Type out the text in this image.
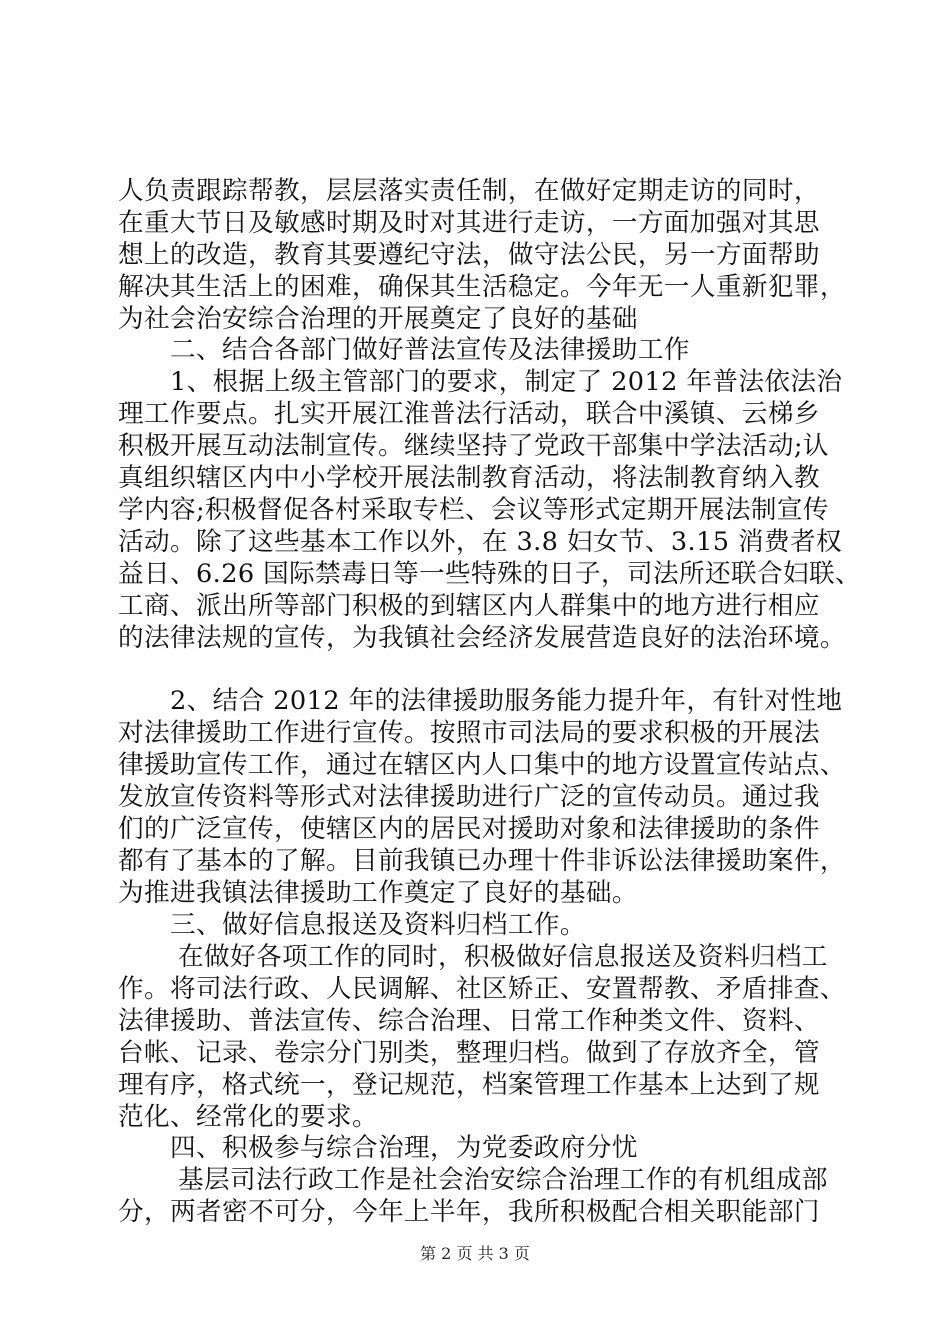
人负责跟踪帮教，层层落实责任制，在做好定期走访的同时，
在重大节日及敏感时期及时对其进行走访，一方面加强对其思
想上的改造，教育其要遵纪守法，做守法公民，另一方面帮助
解决其生活上的困难，确保其生活稳定。今年无一人重新犯罪，
为社会治安综合治理的开展奠定了良好的基础
二、结合各部门做好普法宣传及法律援助工作
1、根据上级主管部门的要求，制定了 2012 年普法依法治
理工作要点。扎实开展江淮普法行活动，联合中溪镇、云梯乡
积极开展互动法制宣传。继续坚持了党政干部集中学法活动;认
真组织辖区内中小学校开展法制教育活动，将法制教育纳入教
学内容;积极督促各村采取专栏、会议等形式定期开展法制宣传
活动。除了这些基本工作以外，在 3.8 妇女节、3.15 消费者权
益日、6.26 国际禁毒日等一些特殊的日子，司法所还联合妇联、
工商、派出所等部门积极的到辖区内人群集中的地方进行相应
的法律法规的宣传，为我镇社会经济发展营造良好的法治环境。
2、结合 2012 年的法律援助服务能力提升年，有针对性地
对法律援助工作进行宣传。按照市司法局的要求积极的开展法
律援助宣传工作，通过在辖区内人口集中的地方设置宣传站点、
发放宣传资料等形式对法律援助进行广泛的宣传动员。通过我
们的广泛宣传，使辖区内的居民对援助对象和法律援助的条件
都有了基本的了解。目前我镇已办理十件非诉讼法律援助案件，
为推进我镇法律援助工作奠定了良好的基础。
三、做好信息报送及资料归档工作。
在做好各项工作的同时，积极做好信息报送及资料归档工
作。将司法行政、人民调解、社区矫正、安置帮教、矛盾排查、
法律援助、普法宣传、综合治理、日常工作种类文件、资料、
台帐、记录、卷宗分门别类，整理归档。做到了存放齐全，管
理有序，格式统一，登记规范，档案管理工作基本上达到了规
范化、经常化的要求。
四、积极参与综合治理，为党委政府分忧
基层司法行政工作是社会治安综合治理工作的有机组成部
分，两者密不可分，今年上半年，我所积极配合相关职能部门
第 2 页 共 3 页
